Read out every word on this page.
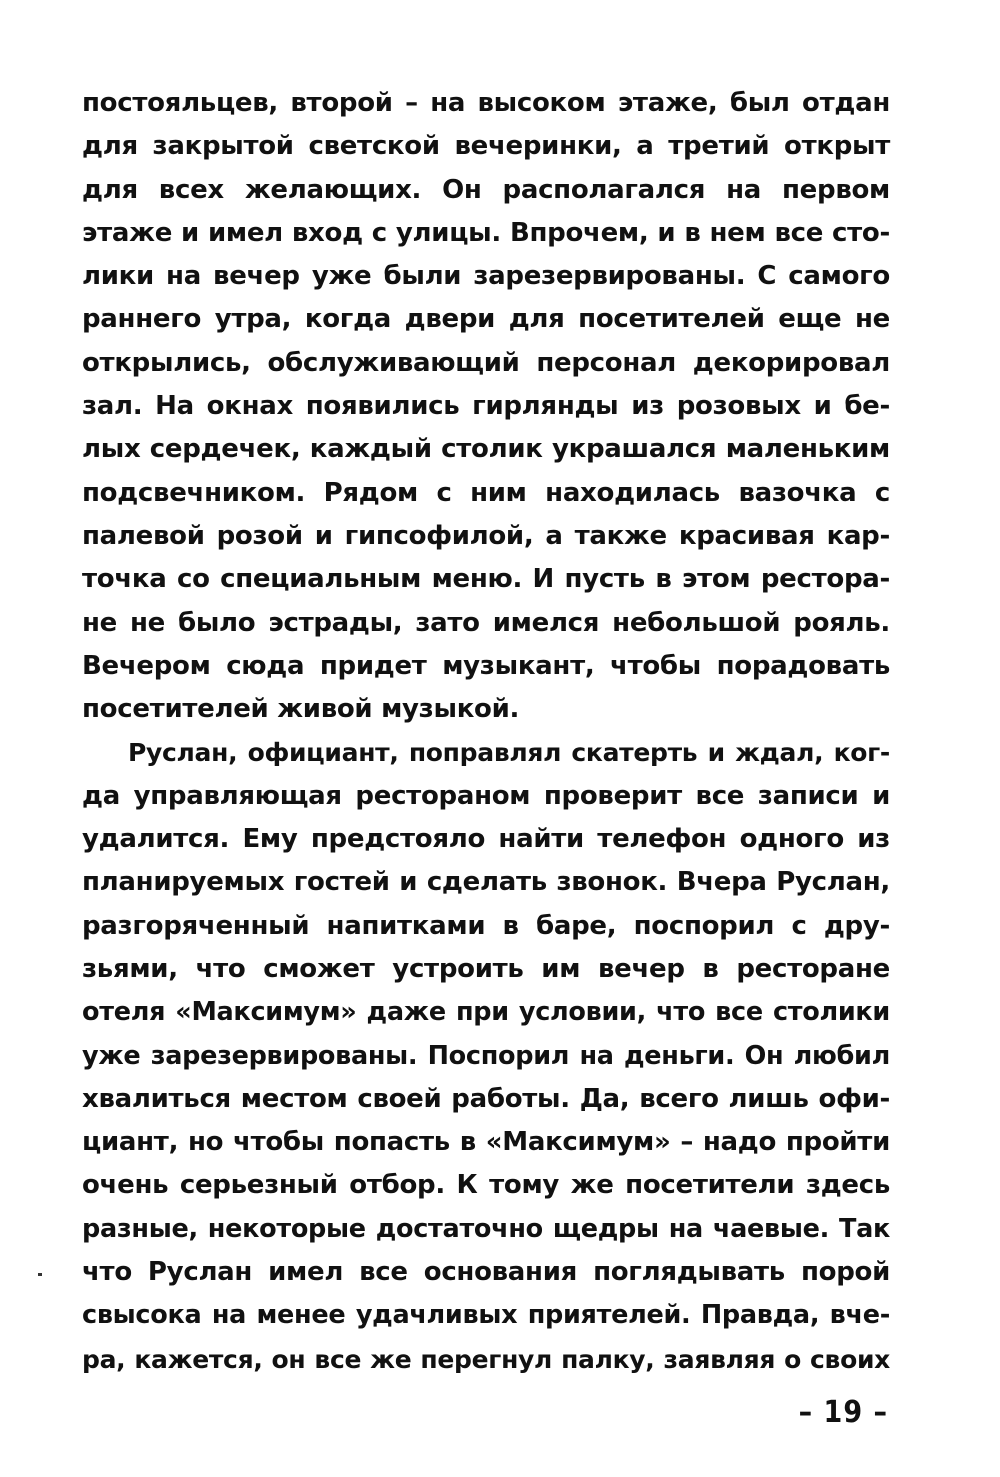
постояльцев, второй – на высоком этаже, был отдан
для закрытой светской вечеринки, а третий открыт
для всех желающих. Он располагался на первом
этаже и имел вход с улицы. Впрочем, и в нем все сто-
лики на вечер уже были зарезервированы. С самого
раннего утра, когда двери для посетителей еще не
открылись, обслуживающий персонал декорировал
зал. На окнах появились гирлянды из розовых и бе-
лых сердечек, каждый столик украшался маленьким
подсвечником. Рядом с ним находилась вазочка с
палевой розой и гипсофилой, а также красивая кар-
точка со специальным меню. И пусть в этом рестора-
не не было эстрады, зато имелся небольшой рояль.
Вечером сюда придет музыкант, чтобы порадовать
посетителей живой музыкой.
Руслан, официант, поправлял скатерть и ждал, ког-
да управляющая рестораном проверит все записи и
удалится. Ему предстояло найти телефон одного из
планируемых гостей и сделать звонок. Вчера Руслан,
разгоряченный напитками в баре, поспорил с дру-
зьями, что сможет устроить им вечер в ресторане
отеля «Максимум» даже при условии, что все столики
уже зарезервированы. Поспорил на деньги. Он любил
хвалиться местом своей работы. Да, всего лишь офи-
циант, но чтобы попасть в «Максимум» – надо пройти
очень серьезный отбор. К тому же посетители здесь
разные, некоторые достаточно щедры на чаевые. Так
что Руслан имел все основания поглядывать порой
свысока на менее удачливых приятелей. Правда, вче-
ра, кажется, он все же перегнул палку, заявляя о своих
– 19 –
